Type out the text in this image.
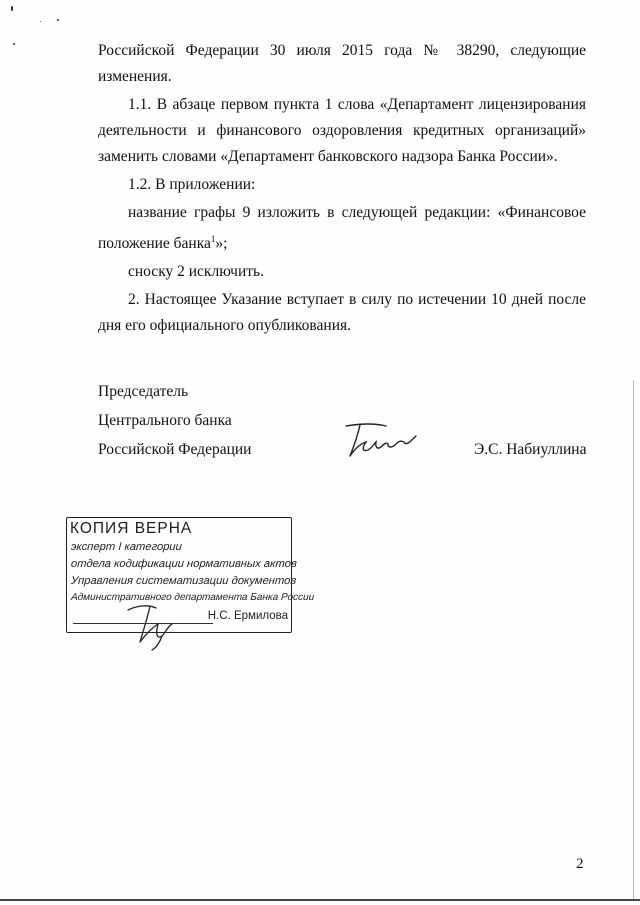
Российской Федерации 30 июля 2015 года № 38290, следующие изменения.

1.1. В абзаце первом пункта 1 слова «Департамент лицензирования деятельности и финансового оздоровления кредитных организаций» заменить словами «Департамент банковского надзора Банка России».

1.2. В приложении:

название графы 9 изложить в следующей редакции: «Финансовое положение банка$^1$»;

сноску 2 исключить.

2. Настоящее Указание вступает в силу по истечении 10 дней после дня его официального опубликования.

Председатель
Центрального банка
Российской Федерации	Э.С. Набиуллина
КОПИЯ ВЕРНА
эксперт I категории
отдела кодификации нормативных актов
Управления систематизации документов
Административного департамента Банка России
Н.С. Ермилова
2
